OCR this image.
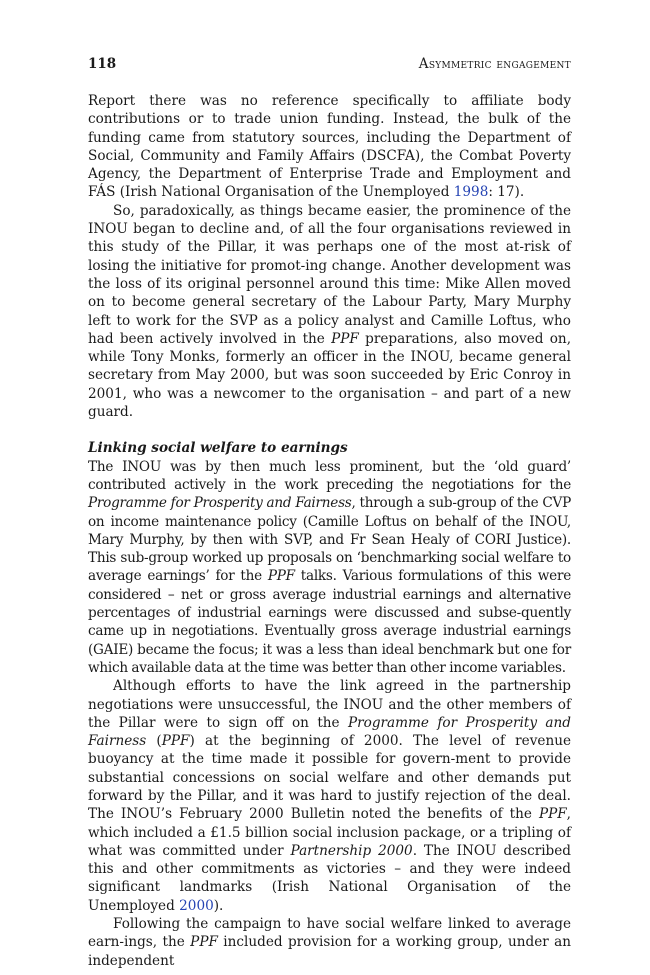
118	Asymmetric engagement

Report there was no reference specifically to affiliate body contributions or to trade union funding. Instead, the bulk of the funding came from statutory sources, including the Department of Social, Community and Family Affairs (DSCFA), the Combat Poverty Agency, the Department of Enterprise Trade and Employment and FÁS (Irish National Organisation of the Unemployed 1998: 17).

So, paradoxically, as things became easier, the prominence of the INOU began to decline and, of all the four organisations reviewed in this study of the Pillar, it was perhaps one of the most at-risk of losing the initiative for promot-ing change. Another development was the loss of its original personnel around this time: Mike Allen moved on to become general secretary of the Labour Party, Mary Murphy left to work for the SVP as a policy analyst and Camille Loftus, who had been actively involved in the PPF preparations, also moved on, while Tony Monks, formerly an officer in the INOU, became general secretary from May 2000, but was soon succeeded by Eric Conroy in 2001, who was a newcomer to the organisation – and part of a new guard.

Linking social welfare to earnings

The INOU was by then much less prominent, but the ‘old guard’ contributed actively in the work preceding the negotiations for the Programme for Prosperity and Fairness, through a sub-group of the CVP on income maintenance policy (Camille Loftus on behalf of the INOU, Mary Murphy, by then with SVP, and Fr Sean Healy of CORI Justice). This sub-group worked up proposals on ‘benchmarking social welfare to average earnings’ for the PPF talks. Various formulations of this were considered – net or gross average industrial earnings and alternative percentages of industrial earnings were discussed and subse-quently came up in negotiations. Eventually gross average industrial earnings (GAIE) became the focus; it was a less than ideal benchmark but one for which available data at the time was better than other income variables.

Although efforts to have the link agreed in the partnership negotiations were unsuccessful, the INOU and the other members of the Pillar were to sign off on the Programme for Prosperity and Fairness (PPF) at the beginning of 2000. The level of revenue buoyancy at the time made it possible for govern-ment to provide substantial concessions on social welfare and other demands put forward by the Pillar, and it was hard to justify rejection of the deal. The INOU’s February 2000 Bulletin noted the benefits of the PPF, which included a £1.5 billion social inclusion package, or a tripling of what was committed under Partnership 2000. The INOU described this and other commitments as victories – and they were indeed significant landmarks (Irish National Organisation of the Unemployed 2000).

Following the campaign to have social welfare linked to average earn-ings, the PPF included provision for a working group, under an independent
